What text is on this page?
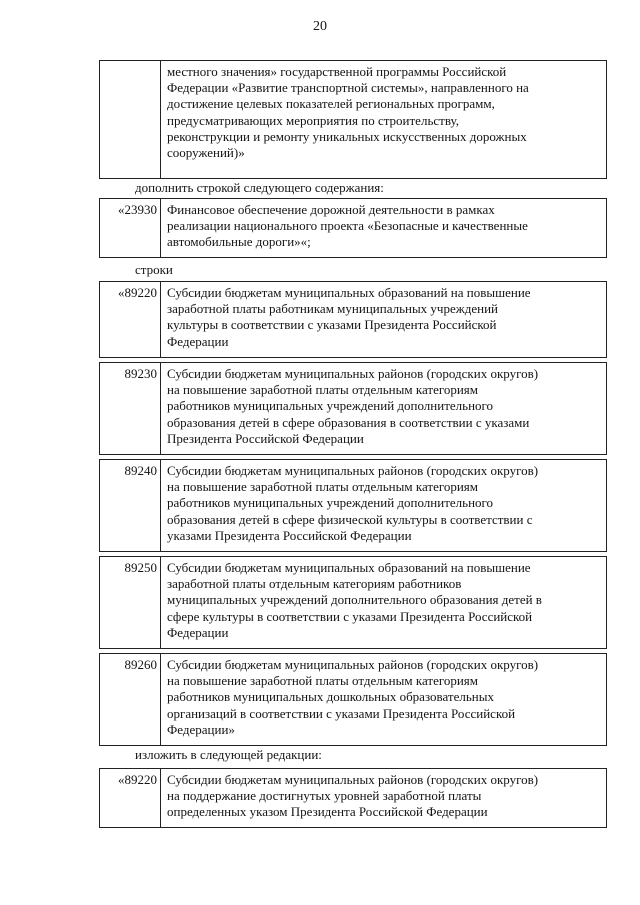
20
местного значения» государственной программы Российской
Федерации «Развитие транспортной системы», направленного на
достижение целевых показателей региональных программ,
предусматривающих мероприятия по строительству,
реконструкции и ремонту уникальных искусственных дорожных
сооружений)»
дополнить строкой следующего содержания:
«23930 Финансовое обеспечение дорожной деятельности в рамках
реализации национального проекта «Безопасные и качественные
автомобильные дороги»«;
строки
«89220 Субсидии бюджетам муниципальных образований на повышение
заработной платы работникам муниципальных учреждений
культуры в соответствии с указами Президента Российской
Федерации
89230 Субсидии бюджетам муниципальных районов (городских округов)
на повышение заработной платы отдельным категориям
работников муниципальных учреждений дополнительного
образования детей в сфере образования в соответствии с указами
Президента Российской Федерации
89240 Субсидии бюджетам муниципальных районов (городских округов)
на повышение заработной платы отдельным категориям
работников муниципальных учреждений дополнительного
образования детей в сфере физической культуры в соответствии с
указами Президента Российской Федерации
89250 Субсидии бюджетам муниципальных образований на повышение
заработной платы отдельным категориям работников
муниципальных учреждений дополнительного образования детей в
сфере культуры в соответствии с указами Президента Российской
Федерации
89260 Субсидии бюджетам муниципальных районов (городских округов)
на повышение заработной платы отдельным категориям
работников муниципальных дошкольных образовательных
организаций в соответствии с указами Президента Российской
Федерации»
изложить в следующей редакции:
«89220 Субсидии бюджетам муниципальных районов (городских округов)
на поддержание достигнутых уровней заработной платы
определенных указом Президента Российской Федерации
